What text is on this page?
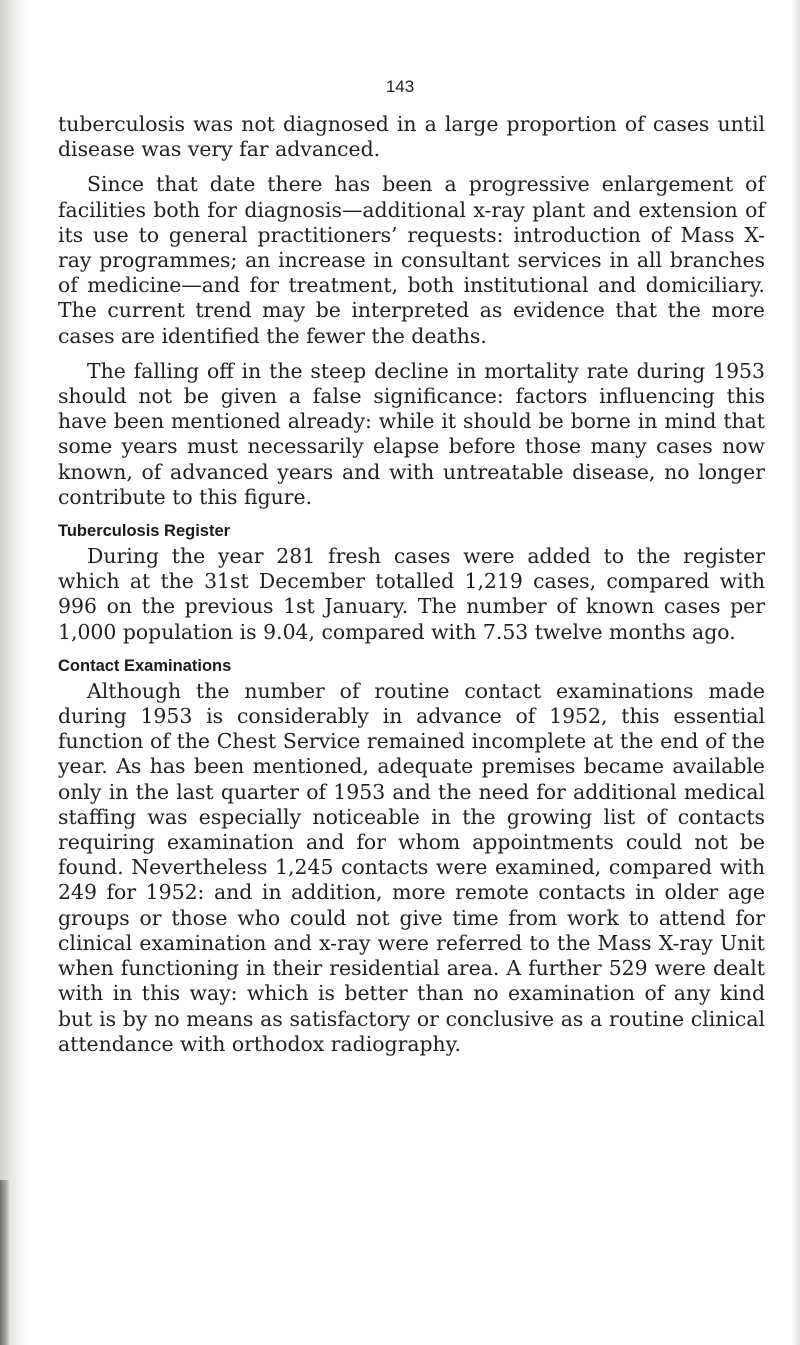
143

tuberculosis was not diagnosed in a large proportion of cases until disease was very far advanced.

Since that date there has been a progressive enlargement of facilities both for diagnosis—additional x-ray plant and extension of its use to general practitioners’ requests: introduction of Mass X-ray programmes; an increase in consultant services in all branches of medicine—and for treatment, both institutional and domiciliary. The current trend may be interpreted as evidence that the more cases are identified the fewer the deaths.

The falling off in the steep decline in mortality rate during 1953 should not be given a false significance: factors influencing this have been mentioned already: while it should be borne in mind that some years must necessarily elapse before those many cases now known, of advanced years and with untreatable disease, no longer contribute to this figure.

Tuberculosis Register

During the year 281 fresh cases were added to the register which at the 31st December totalled 1,219 cases, compared with 996 on the previous 1st January. The number of known cases per 1,000 population is 9.04, compared with 7.53 twelve months ago.

Contact Examinations

Although the number of routine contact examinations made during 1953 is considerably in advance of 1952, this essential function of the Chest Service remained incomplete at the end of the year. As has been mentioned, adequate premises became available only in the last quarter of 1953 and the need for additional medical staffing was especially noticeable in the growing list of contacts requiring examination and for whom appointments could not be found. Nevertheless 1,245 contacts were examined, compared with 249 for 1952: and in addition, more remote contacts in older age groups or those who could not give time from work to attend for clinical examination and x-ray were referred to the Mass X-ray Unit when functioning in their residential area. A further 529 were dealt with in this way: which is better than no examination of any kind but is by no means as satisfactory or conclusive as a routine clinical attendance with orthodox radiography.
